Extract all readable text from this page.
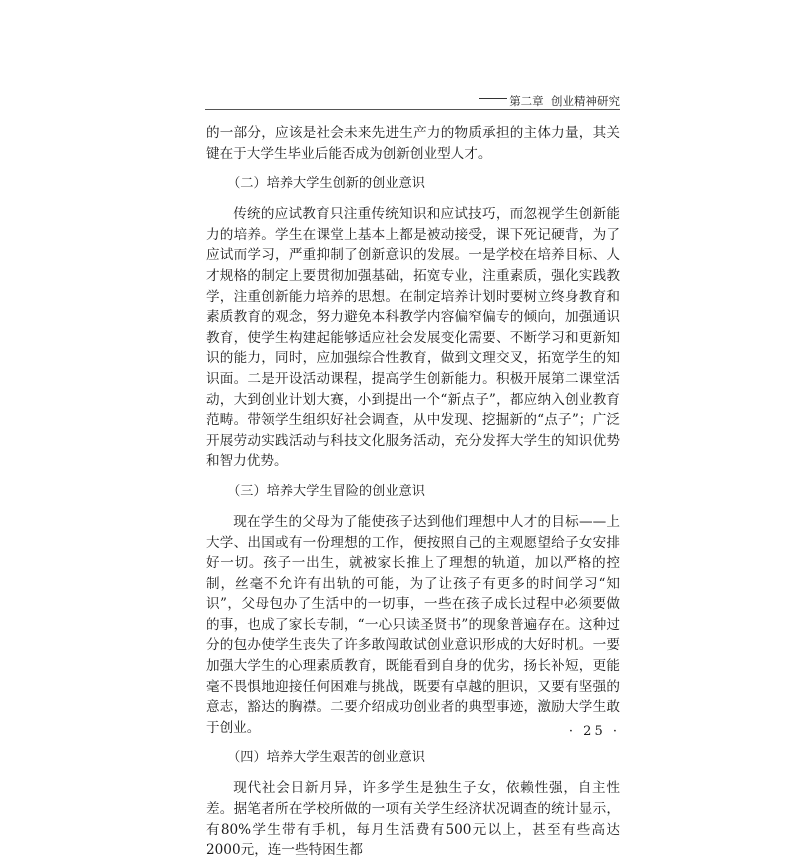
第二章 创业精神研究

的一部分，应该是社会未来先进生产力的物质承担的主体力量，其关键在于大学生毕业后能否成为创新创业型人才。

（二）培养大学生创新的创业意识

传统的应试教育只注重传统知识和应试技巧，而忽视学生创新能力的培养。学生在课堂上基本上都是被动接受，课下死记硬背，为了应试而学习，严重抑制了创新意识的发展。一是学校在培养目标、人才规格的制定上要贯彻加强基础，拓宽专业，注重素质，强化实践教学，注重创新能力培养的思想。在制定培养计划时要树立终身教育和素质教育的观念，努力避免本科教学内容偏窄偏专的倾向，加强通识教育，使学生构建起能够适应社会发展变化需要、不断学习和更新知识的能力，同时，应加强综合性教育，做到文理交叉，拓宽学生的知识面。二是开设活动课程，提高学生创新能力。积极开展第二课堂活动，大到创业计划大赛，小到提出一个“新点子”，都应纳入创业教育范畴。带领学生组织好社会调查，从中发现、挖掘新的“点子”；广泛开展劳动实践活动与科技文化服务活动，充分发挥大学生的知识优势和智力优势。

（三）培养大学生冒险的创业意识

现在学生的父母为了能使孩子达到他们理想中人才的目标——上大学、出国或有一份理想的工作，便按照自己的主观愿望给子女安排好一切。孩子一出生，就被家长推上了理想的轨道，加以严格的控制，丝毫不允许有出轨的可能，为了让孩子有更多的时间学习“知识”，父母包办了生活中的一切事，一些在孩子成长过程中必须要做的事，也成了家长专制，“一心只读圣贤书”的现象普遍存在。这种过分的包办使学生丧失了许多敢闯敢试创业意识形成的大好时机。一要加强大学生的心理素质教育，既能看到自身的优劣，扬长补短，更能毫不畏惧地迎接任何困难与挑战，既要有卓越的胆识，又要有坚强的意志，豁达的胸襟。二要介绍成功创业者的典型事迹，激励大学生敢于创业。

（四）培养大学生艰苦的创业意识

现代社会日新月异，许多学生是独生子女，依赖性强，自主性差。据笔者所在学校所做的一项有关学生经济状况调查的统计显示，有80%学生带有手机，每月生活费有500元以上，甚至有些高达2000元，连一些特困生都

· 25 ·
